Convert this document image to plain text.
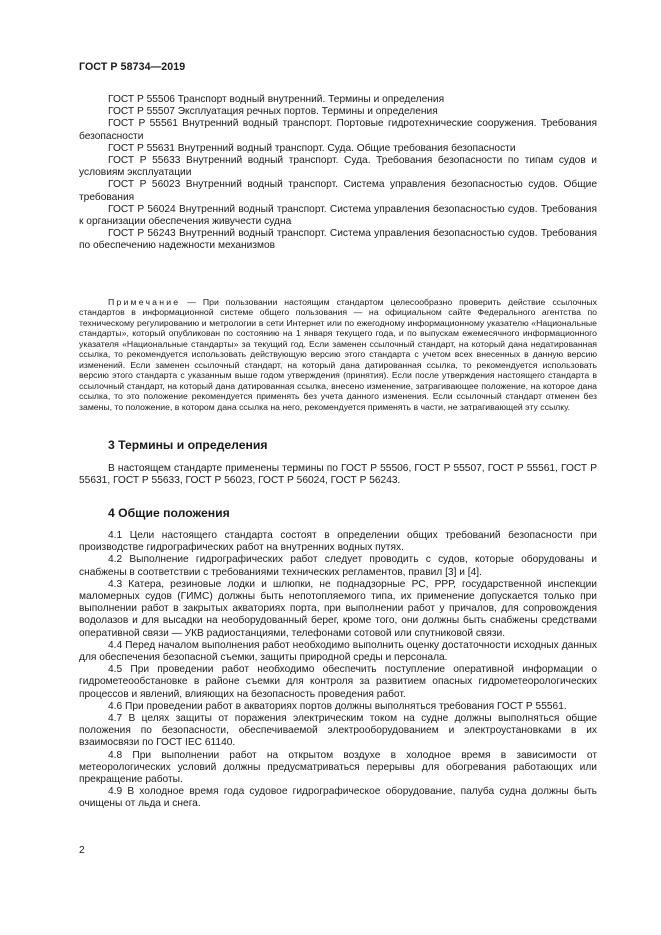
ГОСТ Р 58734—2019

ГОСТ Р 55506 Транспорт водный внутренний. Термины и определения

ГОСТ Р 55507 Эксплуатация речных портов. Термины и определения

ГОСТ Р 55561 Внутренний водный транспорт. Портовые гидротехнические сооружения. Требования безопасности

ГОСТ Р 55631 Внутренний водный транспорт. Суда. Общие требования безопасности

ГОСТ Р 55633 Внутренний водный транспорт. Суда. Требования безопасности по типам судов и условиям эксплуатации

ГОСТ Р 56023 Внутренний водный транспорт. Система управления безопасностью судов. Общие требования

ГОСТ Р 56024 Внутренний водный транспорт. Система управления безопасностью судов. Требования к организации обеспечения живучести судна

ГОСТ Р 56243 Внутренний водный транспорт. Система управления безопасностью судов. Требования по обеспечению надежности механизмов

Примечание — При пользовании настоящим стандартом целесообразно проверить действие ссылочных стандартов в информационной системе общего пользования — на официальном сайте Федерального агентства по техническому регулированию и метрологии в сети Интернет или по ежегодному информационному указателю «Национальные стандарты», который опубликован по состоянию на 1 января текущего года, и по выпускам ежемесячного информационного указателя «Национальные стандарты» за текущий год. Если заменен ссылочный стандарт, на который дана недатированная ссылка, то рекомендуется использовать действующую версию этого стандарта с учетом всех внесенных в данную версию изменений. Если заменен ссылочный стандарт, на который дана датированная ссылка, то рекомендуется использовать версию этого стандарта с указанным выше годом утверждения (принятия). Если после утверждения настоящего стандарта в ссылочный стандарт, на который дана датированная ссылка, внесено изменение, затрагивающее положение, на которое дана ссылка, то это положение рекомендуется применять без учета данного изменения. Если ссылочный стандарт отменен без замены, то положение, в котором дана ссылка на него, рекомендуется применять в части, не затрагивающей эту ссылку.

3 Термины и определения

В настоящем стандарте применены термины по ГОСТ Р 55506, ГОСТ Р 55507, ГОСТ Р 55561, ГОСТ Р 55631, ГОСТ Р 55633, ГОСТ Р 56023, ГОСТ Р 56024, ГОСТ Р 56243.

4 Общие положения

4.1 Цели настоящего стандарта состоят в определении общих требований безопасности при производстве гидрографических работ на внутренних водных путях.

4.2 Выполнение гидрографических работ следует проводить с судов, которые оборудованы и снабжены в соответствии с требованиями технических регламентов, правил [3] и [4].

4.3 Катера, резиновые лодки и шлюпки, не поднадзорные РС, РРР, государственной инспекции маломерных судов (ГИМС) должны быть непотопляемого типа, их применение допускается только при выполнении работ в закрытых акваториях порта, при выполнении работ у причалов, для сопровождения водолазов и для высадки на необорудованный берег, кроме того, они должны быть снабжены средствами оперативной связи — УКВ радиостанциями, телефонами сотовой или спутниковой связи.

4.4 Перед началом выполнения работ необходимо выполнить оценку достаточности исходных данных для обеспечения безопасной съемки, защиты природной среды и персонала.

4.5 При проведении работ необходимо обеспечить поступление оперативной информации о гидрометеообстановке в районе съемки для контроля за развитием опасных гидрометеорологических процессов и явлений, влияющих на безопасность проведения работ.

4.6 При проведении работ в акваториях портов должны выполняться требования ГОСТ Р 55561.

4.7 В целях защиты от поражения электрическим током на судне должны выполняться общие положения по безопасности, обеспечиваемой электрооборудованием и электроустановками в их взаимосвязи по ГОСТ IEC 61140.

4.8 При выполнении работ на открытом воздухе в холодное время в зависимости от метеорологических условий должны предусматриваться перерывы для обогревания работающих или прекращение работы.

4.9 В холодное время года судовое гидрографическое оборудование, палуба судна должны быть очищены от льда и снега.

2
